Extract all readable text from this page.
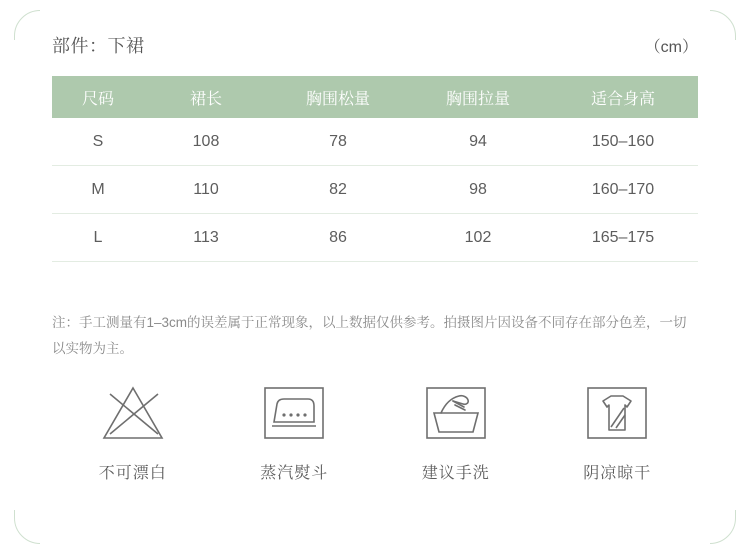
部件：下裙	（cm）
尺码	裙长	胸围松量	胸围拉量	适合身高
S	108	78	94	150–160
M	110	82	98	160–170
L	113	86	102	165–175
注：手工测量有1–3cm的误差属于正常现象，以上数据仅供参考。拍摄图片因设备不同存在部分色差，一切以实物为主。
不可漂白	蒸汽熨斗	建议手洗	阴凉晾干
